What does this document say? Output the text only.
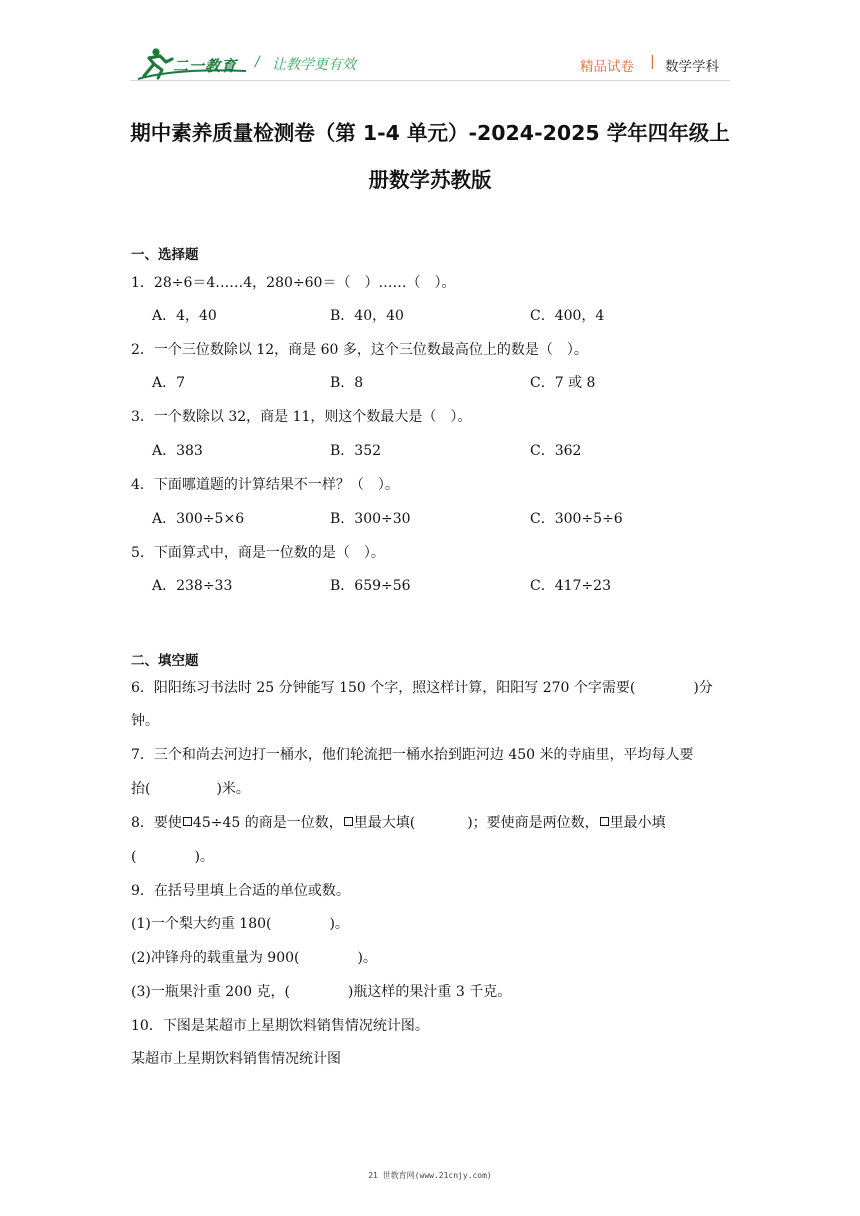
二一教育 / 让教学更有效	精品试卷 | 数学学科
期中素养质量检测卷（第 1-4 单元）-2024-2025 学年四年级上
册数学苏教版
一、选择题
1．28÷6＝4……4，280÷60＝（　）……（　）。
A．4，40	B．40，40	C．400，4
2．一个三位数除以 12，商是 60 多，这个三位数最高位上的数是（　）。
A．7	B．8	C．7 或 8
3．一个数除以 32，商是 11，则这个数最大是（　）。
A．383	B．352	C．362
4．下面哪道题的计算结果不一样？（　）。
A．300÷5×6	B．300÷30	C．300÷5÷6
5．下面算式中，商是一位数的是（　）。
A．238÷33	B．659÷56	C．417÷23
二、填空题
6．阳阳练习书法时 25 分钟能写 150 个字，照这样计算，阳阳写 270 个字需要(	)分
钟。
7．三个和尚去河边打一桶水，他们轮流把一桶水抬到距河边 450 米的寺庙里，平均每人要
抬(	)米。
8．要使 45÷45 的商是一位数， 里最大填(	)；要使商是两位数， 里最小填
(	)。
9．在括号里填上合适的单位或数。
(1)一个梨大约重 180(	)。
(2)冲锋舟的载重量为 900(	)。
(3)一瓶果汁重 200 克，(	)瓶这样的果汁重 3 千克。
10．下图是某超市上星期饮料销售情况统计图。
某超市上星期饮料销售情况统计图
21 世教育网(www.21cnjy.com)
